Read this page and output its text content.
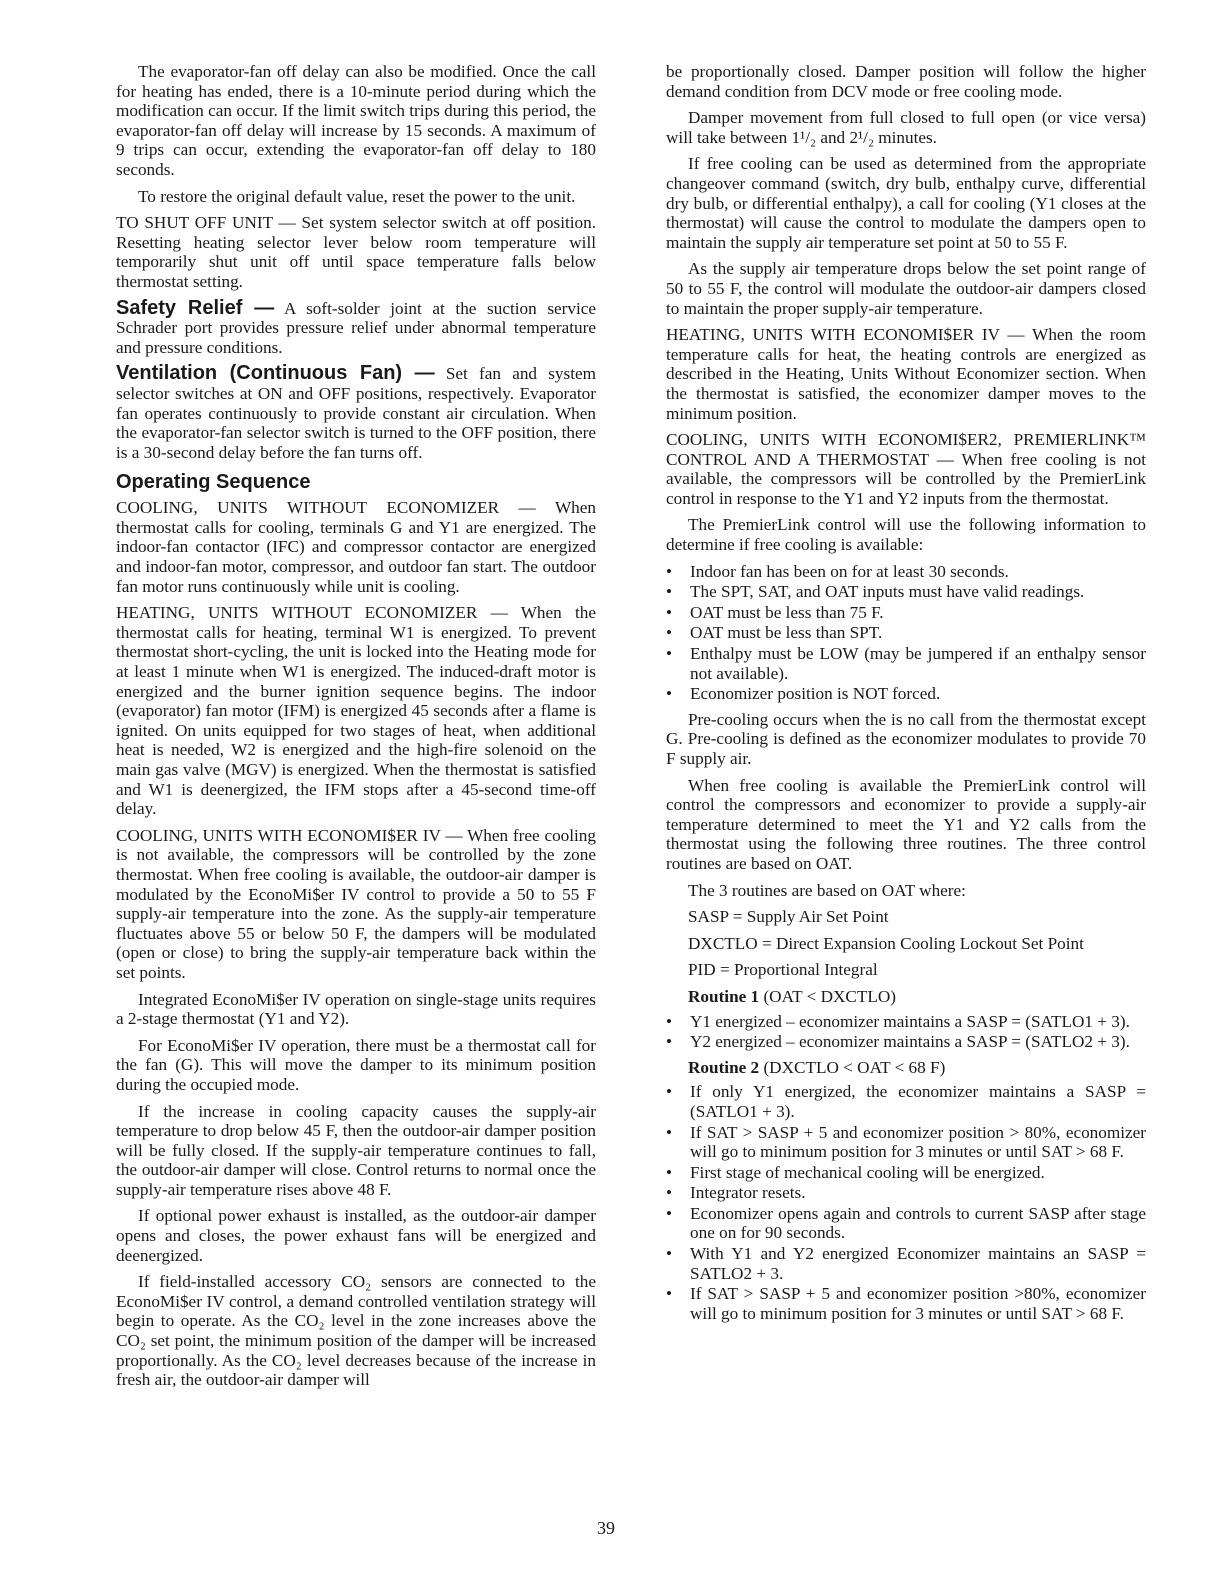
The evaporator-fan off delay can also be modified. Once the call for heating has ended, there is a 10-minute period during which the modification can occur. If the limit switch trips during this period, the evaporator-fan off delay will increase by 15 seconds. A maximum of 9 trips can occur, extending the evaporator-fan off delay to 180 seconds.

To restore the original default value, reset the power to the unit.

TO SHUT OFF UNIT — Set system selector switch at off position. Resetting heating selector lever below room temperature will temporarily shut unit off until space temperature falls below thermostat setting.

Safety Relief — A soft-solder joint at the suction service Schrader port provides pressure relief under abnormal temperature and pressure conditions.

Ventilation (Continuous Fan) — Set fan and system selector switches at ON and OFF positions, respectively. Evaporator fan operates continuously to provide constant air circulation. When the evaporator-fan selector switch is turned to the OFF position, there is a 30-second delay before the fan turns off.

Operating Sequence

COOLING, UNITS WITHOUT ECONOMIZER — When thermostat calls for cooling, terminals G and Y1 are energized. The indoor-fan contactor (IFC) and compressor contactor are energized and indoor-fan motor, compressor, and outdoor fan start. The outdoor fan motor runs continuously while unit is cooling.

HEATING, UNITS WITHOUT ECONOMIZER — When the thermostat calls for heating, terminal W1 is energized. To prevent thermostat short-cycling, the unit is locked into the Heating mode for at least 1 minute when W1 is energized. The induced-draft motor is energized and the burner ignition sequence begins. The indoor (evaporator) fan motor (IFM) is energized 45 seconds after a flame is ignited. On units equipped for two stages of heat, when additional heat is needed, W2 is energized and the high-fire solenoid on the main gas valve (MGV) is energized. When the thermostat is satisfied and W1 is deenergized, the IFM stops after a 45-second time-off delay.

COOLING, UNITS WITH ECONOMI$ER IV — When free cooling is not available, the compressors will be controlled by the zone thermostat. When free cooling is available, the outdoor-air damper is modulated by the EconoMi$er IV control to provide a 50 to 55 F supply-air temperature into the zone. As the supply-air temperature fluctuates above 55 or below 50 F, the dampers will be modulated (open or close) to bring the supply-air temperature back within the set points.

Integrated EconoMi$er IV operation on single-stage units requires a 2-stage thermostat (Y1 and Y2).

For EconoMi$er IV operation, there must be a thermostat call for the fan (G). This will move the damper to its minimum position during the occupied mode.

If the increase in cooling capacity causes the supply-air temperature to drop below 45 F, then the outdoor-air damper position will be fully closed. If the supply-air temperature continues to fall, the outdoor-air damper will close. Control returns to normal once the supply-air temperature rises above 48 F.

If optional power exhaust is installed, as the outdoor-air damper opens and closes, the power exhaust fans will be energized and deenergized.

If field-installed accessory CO₂ sensors are connected to the EconoMi$er IV control, a demand controlled ventilation strategy will begin to operate. As the CO₂ level in the zone increases above the CO₂ set point, the minimum position of the damper will be increased proportionally. As the CO₂ level decreases because of the increase in fresh air, the outdoor-air damper will

be proportionally closed. Damper position will follow the higher demand condition from DCV mode or free cooling mode.

Damper movement from full closed to full open (or vice versa) will take between 1¹/₂ and 2¹/₂ minutes.

If free cooling can be used as determined from the appropriate changeover command (switch, dry bulb, enthalpy curve, differential dry bulb, or differential enthalpy), a call for cooling (Y1 closes at the thermostat) will cause the control to modulate the dampers open to maintain the supply air temperature set point at 50 to 55 F.

As the supply air temperature drops below the set point range of 50 to 55 F, the control will modulate the outdoor-air dampers closed to maintain the proper supply-air temperature.

HEATING, UNITS WITH ECONOMI$ER IV — When the room temperature calls for heat, the heating controls are energized as described in the Heating, Units Without Economizer section. When the thermostat is satisfied, the economizer damper moves to the minimum position.

COOLING, UNITS WITH ECONOMI$ER2, PREMIERLINK™ CONTROL AND A THERMOSTAT — When free cooling is not available, the compressors will be controlled by the PremierLink control in response to the Y1 and Y2 inputs from the thermostat.

The PremierLink control will use the following information to determine if free cooling is available:

• Indoor fan has been on for at least 30 seconds.
• The SPT, SAT, and OAT inputs must have valid readings.
• OAT must be less than 75 F.
• OAT must be less than SPT.
• Enthalpy must be LOW (may be jumpered if an enthalpy sensor not available).
• Economizer position is NOT forced.

Pre-cooling occurs when the is no call from the thermostat except G. Pre-cooling is defined as the economizer modulates to provide 70 F supply air.

When free cooling is available the PremierLink control will control the compressors and economizer to provide a supply-air temperature determined to meet the Y1 and Y2 calls from the thermostat using the following three routines. The three control routines are based on OAT.

The 3 routines are based on OAT where:

SASP = Supply Air Set Point

DXCTLO = Direct Expansion Cooling Lockout Set Point

PID = Proportional Integral

Routine 1 (OAT < DXCTLO)

• Y1 energized – economizer maintains a SASP = (SATLO1 + 3).
• Y2 energized – economizer maintains a SASP = (SATLO2 + 3).

Routine 2 (DXCTLO < OAT < 68 F)

• If only Y1 energized, the economizer maintains a SASP = (SATLO1 + 3).
• If SAT > SASP + 5 and economizer position > 80%, economizer will go to minimum position for 3 minutes or until SAT > 68 F.
• First stage of mechanical cooling will be energized.
• Integrator resets.
• Economizer opens again and controls to current SASP after stage one on for 90 seconds.
• With Y1 and Y2 energized Economizer maintains an SASP = SATLO2 + 3.
• If SAT > SASP + 5 and economizer position >80%, economizer will go to minimum position for 3 minutes or until SAT > 68 F.
39
